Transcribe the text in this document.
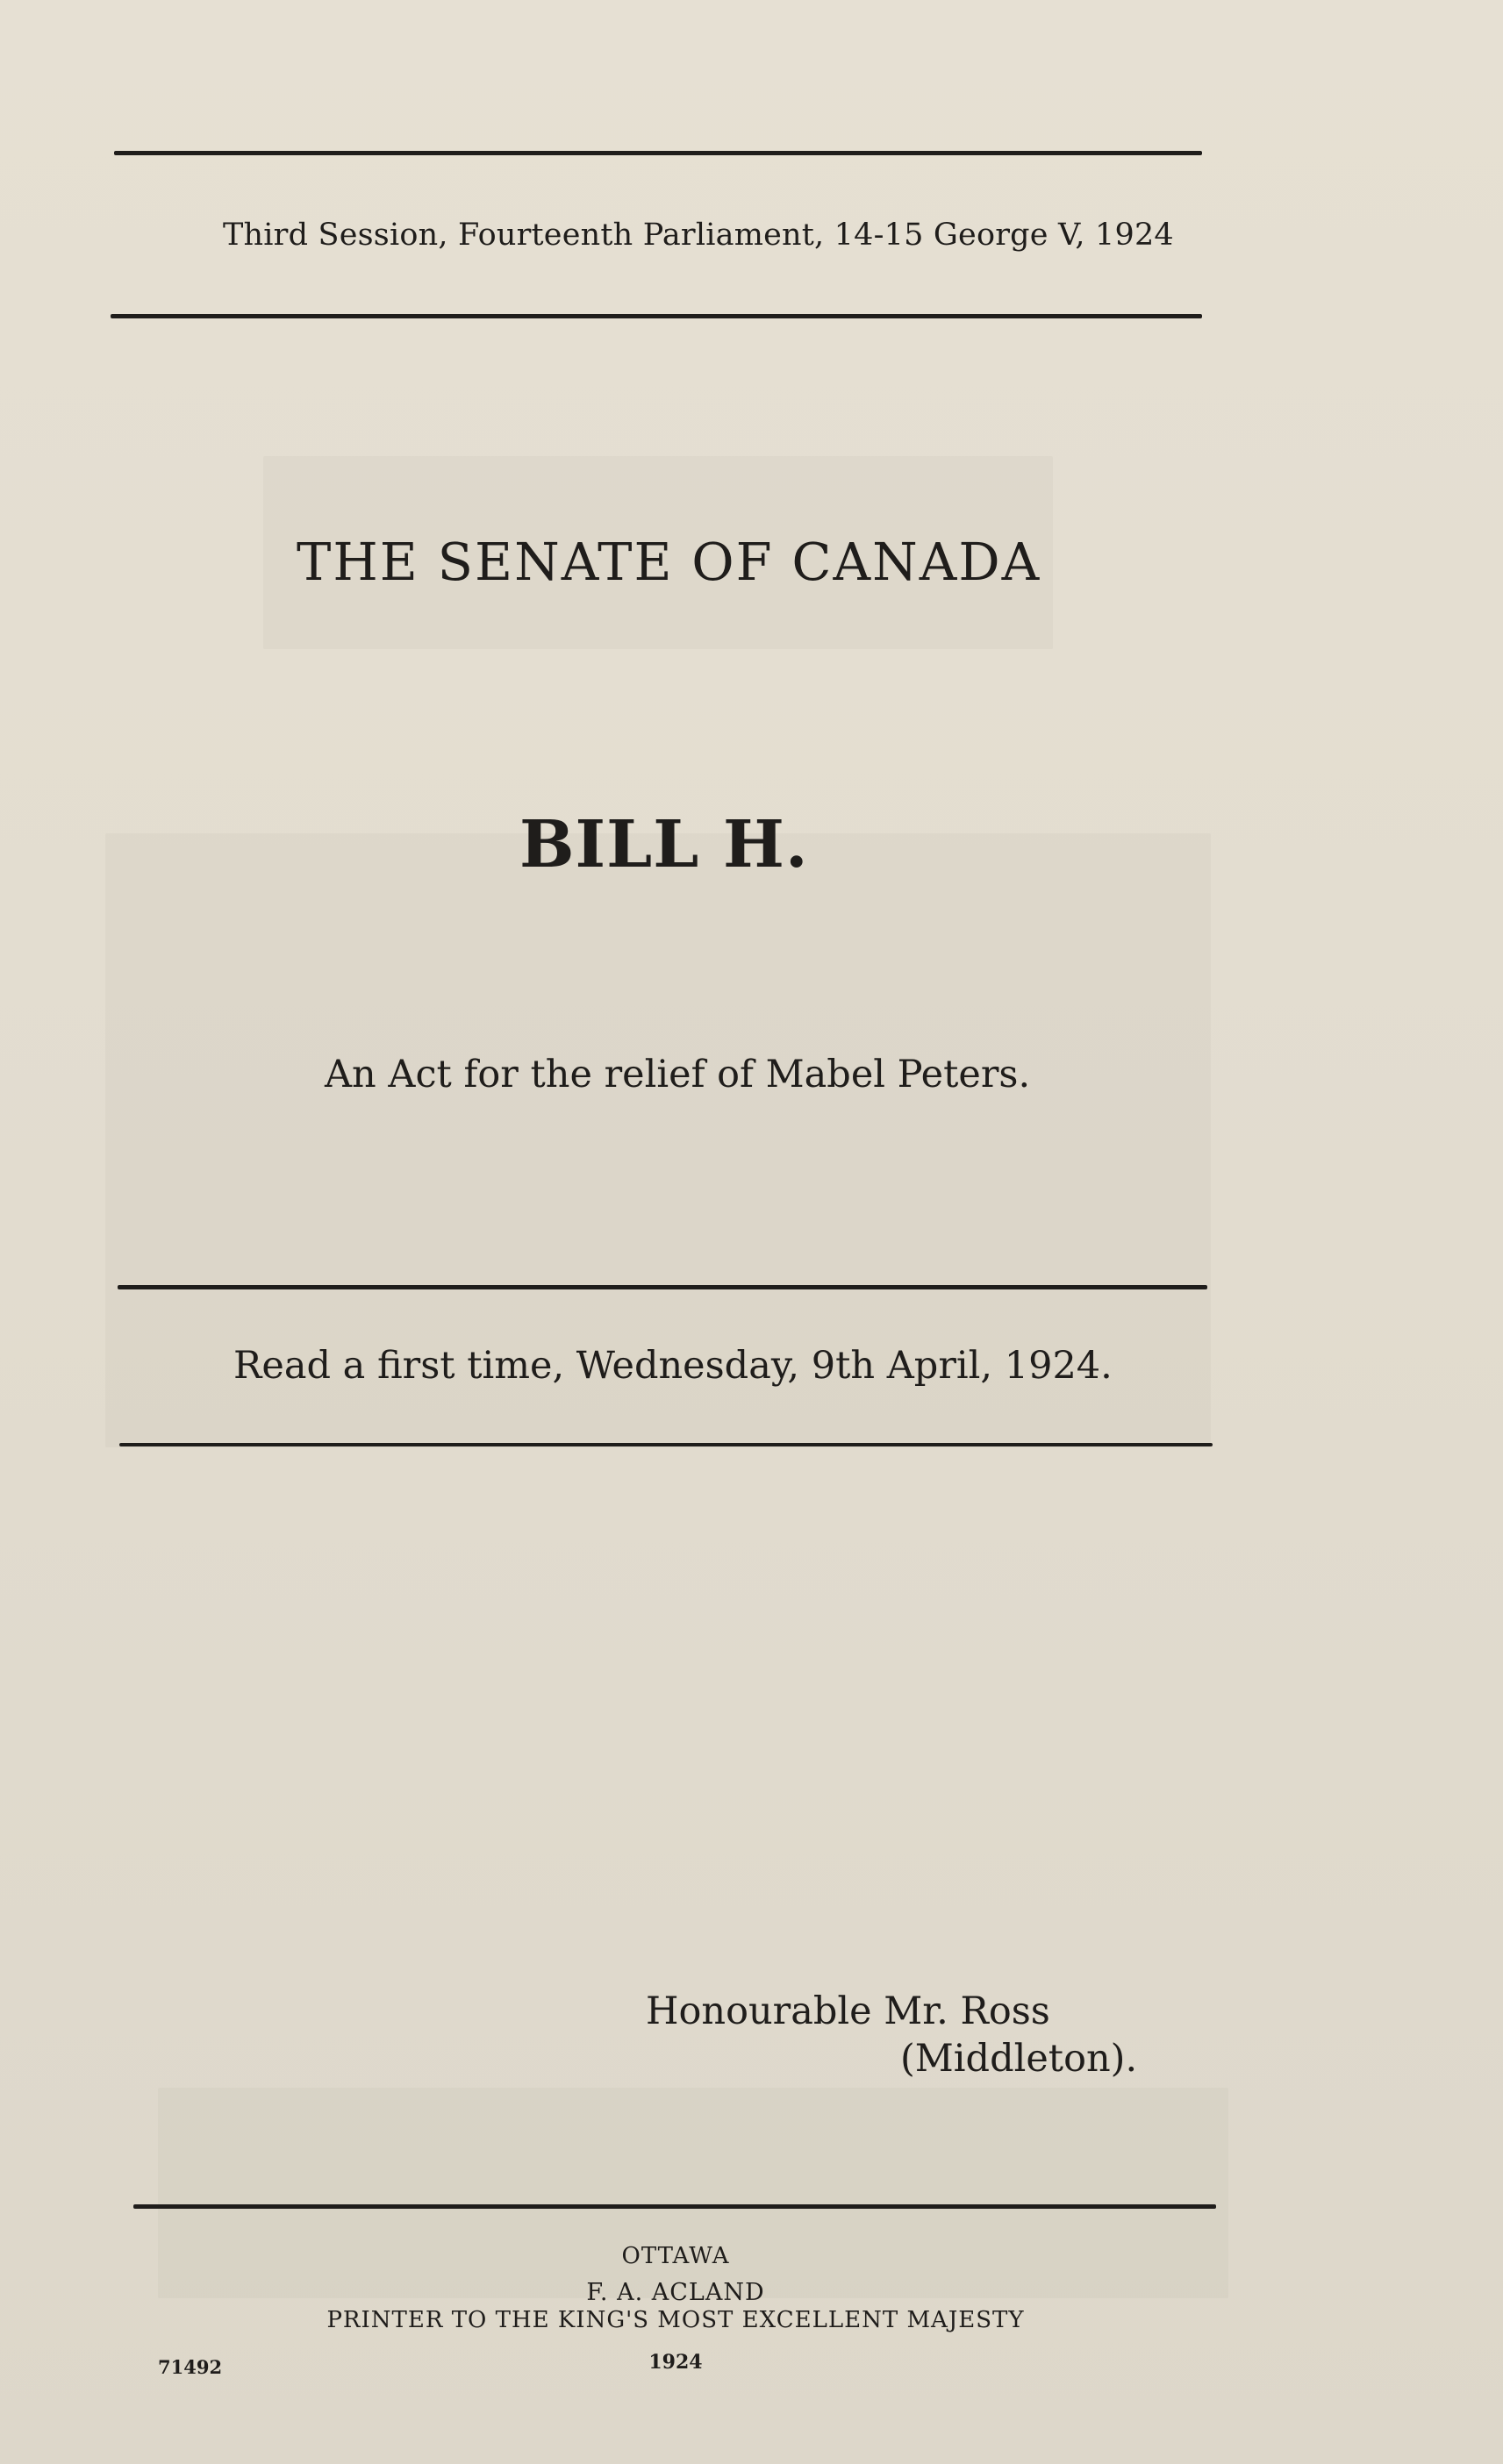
Third Session, Fourteenth Parliament, 14-15 George V, 1924
THE SENATE OF CANADA
BILL H.
An Act for the relief of Mabel Peters.
Read a first time, Wednesday, 9th April, 1924.
Honourable Mr. Ross
(Middleton).
OTTAWA
F. A. ACLAND
PRINTER TO THE KING'S MOST EXCELLENT MAJESTY
1924
71492
